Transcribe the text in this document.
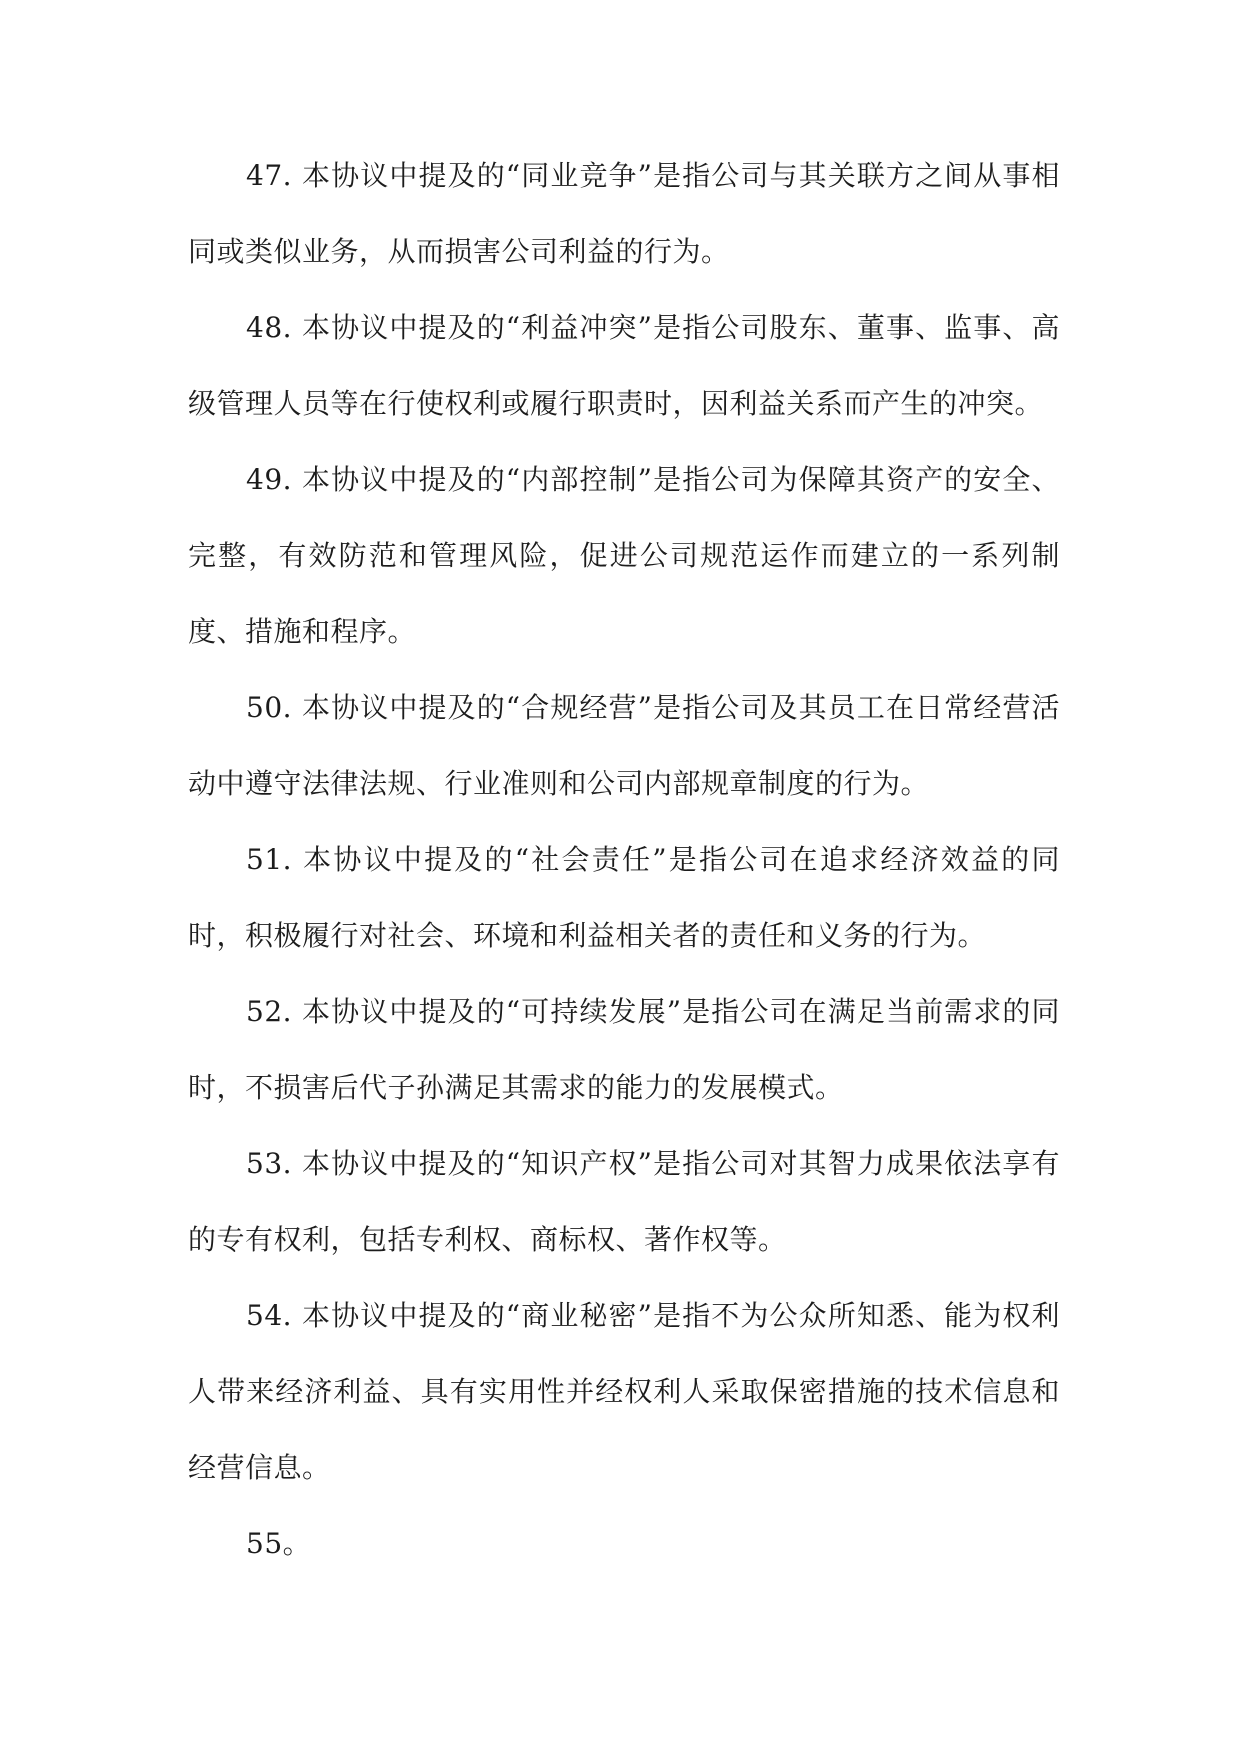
47. 本协议中提及的“同业竞争”是指公司与其关联方之间从事相同或类似业务，从而损害公司利益的行为。

48. 本协议中提及的“利益冲突”是指公司股东、董事、监事、高级管理人员等在行使权利或履行职责时，因利益关系而产生的冲突。

49. 本协议中提及的“内部控制”是指公司为保障其资产的安全、完整，有效防范和管理风险，促进公司规范运作而建立的一系列制度、措施和程序。

50. 本协议中提及的“合规经营”是指公司及其员工在日常经营活动中遵守法律法规、行业准则和公司内部规章制度的行为。

51. 本协议中提及的“社会责任”是指公司在追求经济效益的同时，积极履行对社会、环境和利益相关者的责任和义务的行为。

52. 本协议中提及的“可持续发展”是指公司在满足当前需求的同时，不损害后代子孙满足其需求的能力的发展模式。

53. 本协议中提及的“知识产权”是指公司对其智力成果依法享有的专有权利，包括专利权、商标权、著作权等。

54. 本协议中提及的“商业秘密”是指不为公众所知悉、能为权利人带来经济利益、具有实用性并经权利人采取保密措施的技术信息和经营信息。

55。
